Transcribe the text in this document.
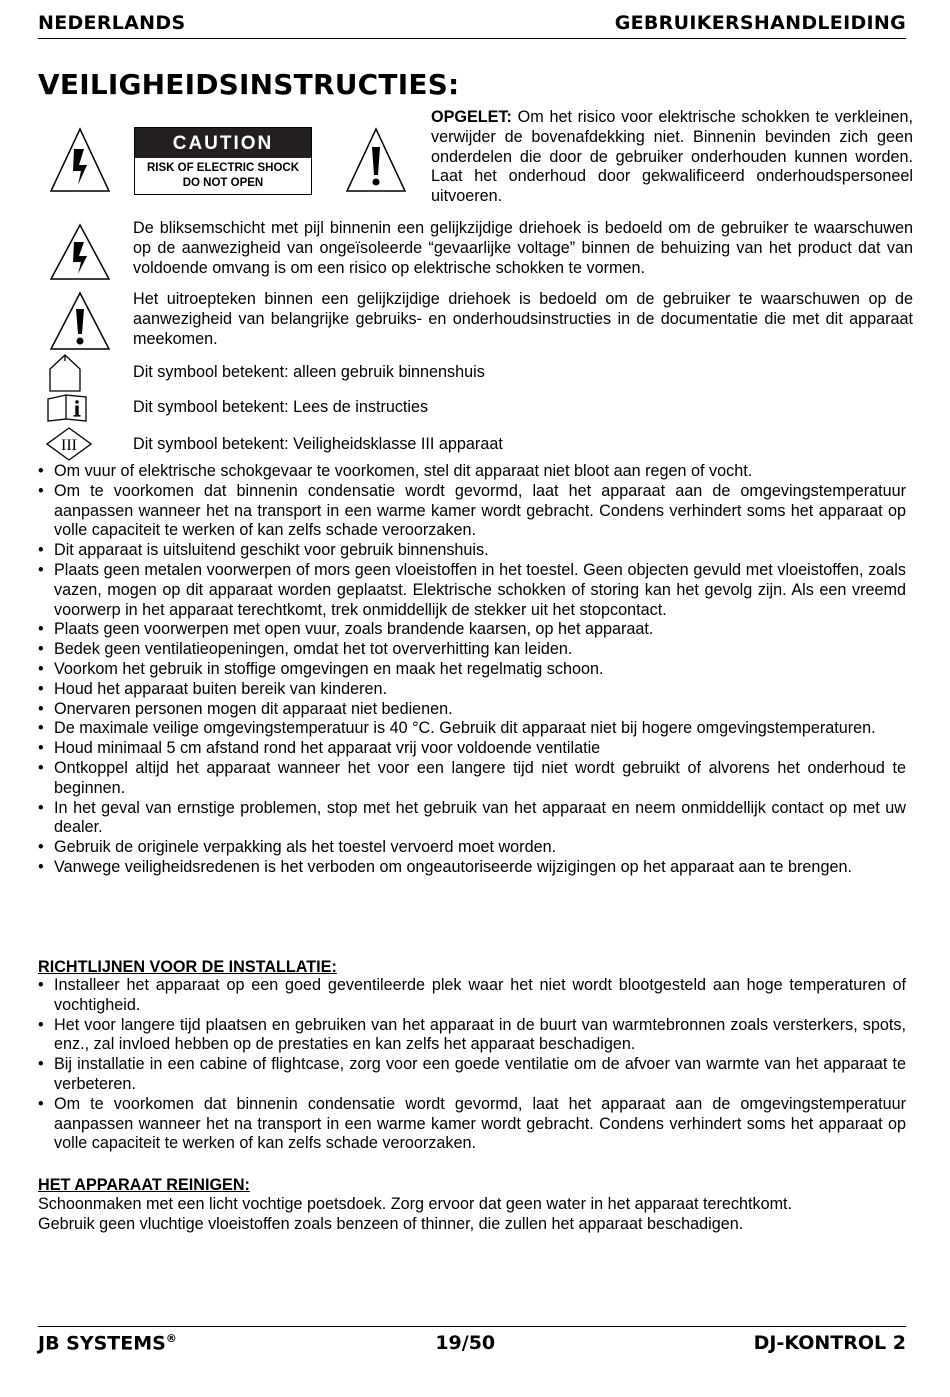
NEDERLANDS	GEBRUIKERSHANDLEIDING
VEILIGHEIDSINSTRUCTIES:
CAUTION
RISK OF ELECTRIC SHOCK
DO NOT OPEN
OPGELET: Om het risico voor elektrische schokken te verkleinen, verwijder de bovenafdekking niet. Binnenin bevinden zich geen onderdelen die door de gebruiker onderhouden kunnen worden. Laat het onderhoud door gekwalificeerd onderhoudspersoneel uitvoeren.
De bliksemschicht met pijl binnenin een gelijkzijdige driehoek is bedoeld om de gebruiker te waarschuwen op de aanwezigheid van ongeïsoleerde “gevaarlijke voltage” binnen de behuizing van het product dat van voldoende omvang is om een risico op elektrische schokken te vormen.
Het uitroepteken binnen een gelijkzijdige driehoek is bedoeld om de gebruiker te waarschuwen op de aanwezigheid van belangrijke gebruiks- en onderhoudsinstructies in de documentatie die met dit apparaat meekomen.
Dit symbool betekent: alleen gebruik binnenshuis
Dit symbool betekent: Lees de instructies
III	Dit symbool betekent: Veiligheidsklasse III apparaat
• Om vuur of elektrische schokgevaar te voorkomen, stel dit apparaat niet bloot aan regen of vocht.
• Om te voorkomen dat binnenin condensatie wordt gevormd, laat het apparaat aan de omgevingstemperatuur aanpassen wanneer het na transport in een warme kamer wordt gebracht. Condens verhindert soms het apparaat op volle capaciteit te werken of kan zelfs schade veroorzaken.
• Dit apparaat is uitsluitend geschikt voor gebruik binnenshuis.
• Plaats geen metalen voorwerpen of mors geen vloeistoffen in het toestel. Geen objecten gevuld met vloeistoffen, zoals vazen, mogen op dit apparaat worden geplaatst. Elektrische schokken of storing kan het gevolg zijn. Als een vreemd voorwerp in het apparaat terechtkomt, trek onmiddellijk de stekker uit het stopcontact.
• Plaats geen voorwerpen met open vuur, zoals brandende kaarsen, op het apparaat.
• Bedek geen ventilatieopeningen, omdat het tot oververhitting kan leiden.
• Voorkom het gebruik in stoffige omgevingen en maak het regelmatig schoon.
• Houd het apparaat buiten bereik van kinderen.
• Onervaren personen mogen dit apparaat niet bedienen.
• De maximale veilige omgevingstemperatuur is 40 °C. Gebruik dit apparaat niet bij hogere omgevingstemperaturen.
• Houd minimaal 5 cm afstand rond het apparaat vrij voor voldoende ventilatie
• Ontkoppel altijd het apparaat wanneer het voor een langere tijd niet wordt gebruikt of alvorens het onderhoud te beginnen.
• In het geval van ernstige problemen, stop met het gebruik van het apparaat en neem onmiddellijk contact op met uw dealer.
• Gebruik de originele verpakking als het toestel vervoerd moet worden.
• Vanwege veiligheidsredenen is het verboden om ongeautoriseerde wijzigingen op het apparaat aan te brengen.
RICHTLIJNEN VOOR DE INSTALLATIE:
• Installeer het apparaat op een goed geventileerde plek waar het niet wordt blootgesteld aan hoge temperaturen of vochtigheid.
• Het voor langere tijd plaatsen en gebruiken van het apparaat in de buurt van warmtebronnen zoals versterkers, spots, enz., zal invloed hebben op de prestaties en kan zelfs het apparaat beschadigen.
• Bij installatie in een cabine of flightcase, zorg voor een goede ventilatie om de afvoer van warmte van het apparaat te verbeteren.
• Om te voorkomen dat binnenin condensatie wordt gevormd, laat het apparaat aan de omgevingstemperatuur aanpassen wanneer het na transport in een warme kamer wordt gebracht. Condens verhindert soms het apparaat op volle capaciteit te werken of kan zelfs schade veroorzaken.
HET APPARAAT REINIGEN:
Schoonmaken met een licht vochtige poetsdoek. Zorg ervoor dat geen water in het apparaat terechtkomt.
Gebruik geen vluchtige vloeistoffen zoals benzeen of thinner, die zullen het apparaat beschadigen.
JB SYSTEMS®	19/50	DJ-KONTROL 2
